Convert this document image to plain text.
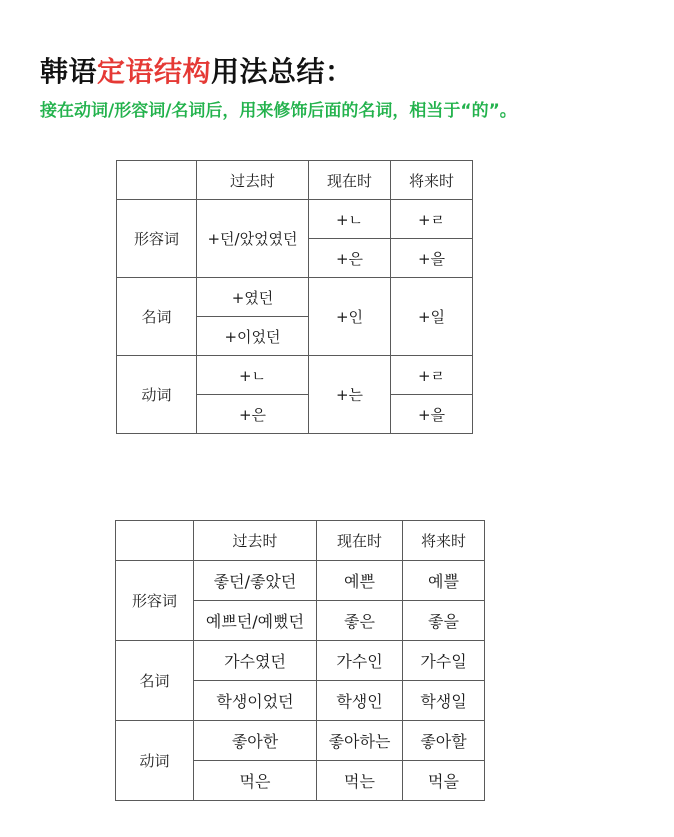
韩语定语结构用法总结：
接在动词/形容词/名词后，用来修饰后面的名词，相当于“的”。
	过去时	现在时	将来时
形容词	+던/았었였던	+ㄴ	+ㄹ
		+은	+을
名词	+였던	+인	+일
	+이었던		
动词	+ㄴ	+는	+ㄹ
	+은		+을
	过去时	现在时	将来时
形容词	좋던/좋았던	예쁜	예쁠
	예쁘던/예뻤던	좋은	좋을
名词	가수였던	가수인	가수일
	학생이었던	학생인	학생일
动词	좋아한	좋아하는	좋아할
	먹은	먹는	먹을
